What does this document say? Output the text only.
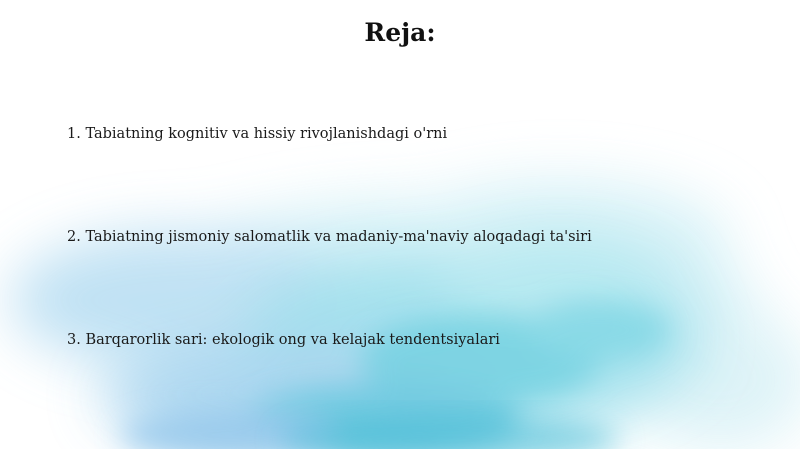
Reja:
1. Tabiatning kognitiv va hissiy rivojlanishdagi o'rni
2. Tabiatning jismoniy salomatlik va madaniy-ma'naviy aloqadagi ta'siri
3. Barqarorlik sari: ekologik ong va kelajak tendentsiyalari
